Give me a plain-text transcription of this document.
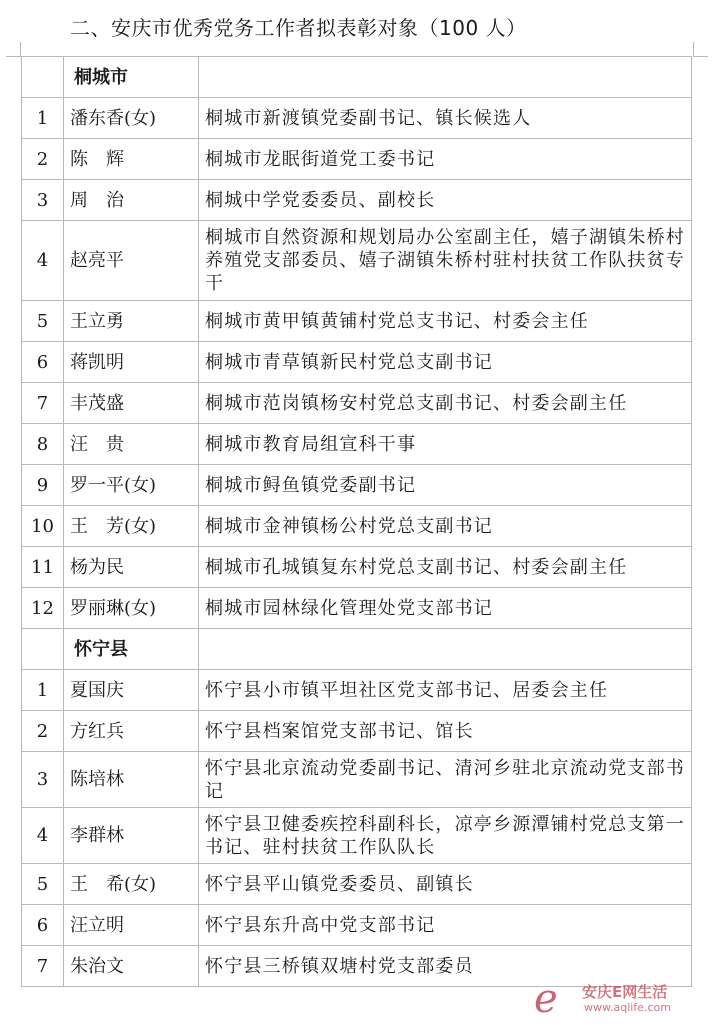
二、安庆市优秀党务工作者拟表彰对象（100 人）
	桐城市	
1	潘东香(女)	桐城市新渡镇党委副书记、镇长候选人
2	陈　辉	桐城市龙眠街道党工委书记
3	周　治	桐城中学党委委员、副校长
4	赵亮平	桐城市自然资源和规划局办公室副主任，嬉子湖镇朱桥村养殖党支部委员、嬉子湖镇朱桥村驻村扶贫工作队扶贫专干
5	王立勇	桐城市黄甲镇黄铺村党总支书记、村委会主任
6	蒋凯明	桐城市青草镇新民村党总支副书记
7	丰茂盛	桐城市范岗镇杨安村党总支副书记、村委会副主任
8	汪　贵	桐城市教育局组宣科干事
9	罗一平(女)	桐城市鲟鱼镇党委副书记
10	王　芳(女)	桐城市金神镇杨公村党总支副书记
11	杨为民	桐城市孔城镇复东村党总支副书记、村委会副主任
12	罗丽琳(女)	桐城市园林绿化管理处党支部书记
	怀宁县	
1	夏国庆	怀宁县小市镇平坦社区党支部书记、居委会主任
2	方红兵	怀宁县档案馆党支部书记、馆长
3	陈培林	怀宁县北京流动党委副书记、清河乡驻北京流动党支部书记
4	李群林	怀宁县卫健委疾控科副科长，凉亭乡源潭铺村党总支第一书记、驻村扶贫工作队队长
5	王　希(女)	怀宁县平山镇党委委员、副镇长
6	汪立明	怀宁县东升高中党支部书记
7	朱治文	怀宁县三桥镇双塘村党支部委员
e 安庆E网生活
www.aqlife.com
